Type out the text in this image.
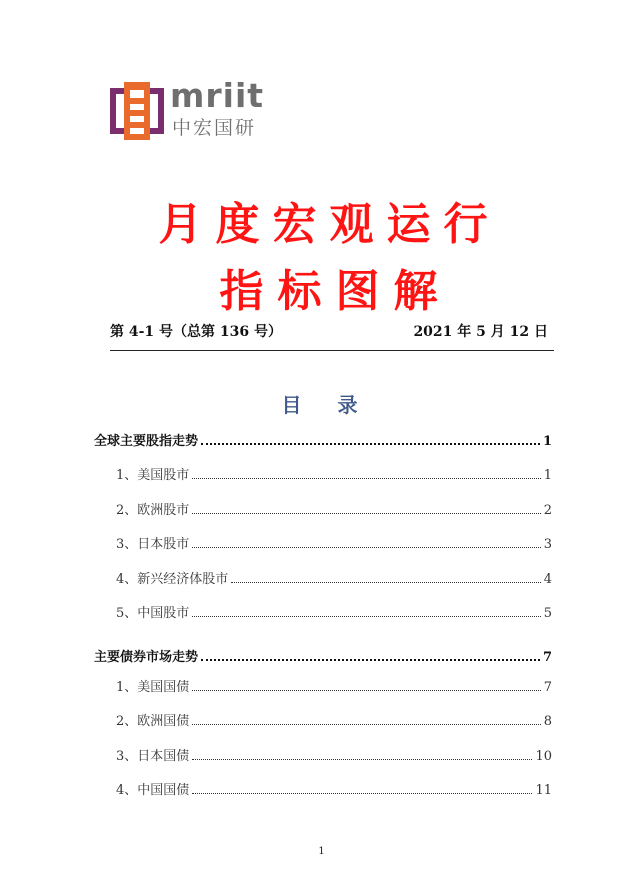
mriit
中宏国研
月度宏观运行
指标图解
第 4-1 号（总第 136 号）	2021 年 5 月 12 日
目 录
全球主要股指走势	1
1、美国股市	1
2、欧洲股市	2
3、日本股市	3
4、新兴经济体股市	4
5、中国股市	5
主要债券市场走势	7
1、美国国债	7
2、欧洲国债	8
3、日本国债	10
4、中国国债	11
1
